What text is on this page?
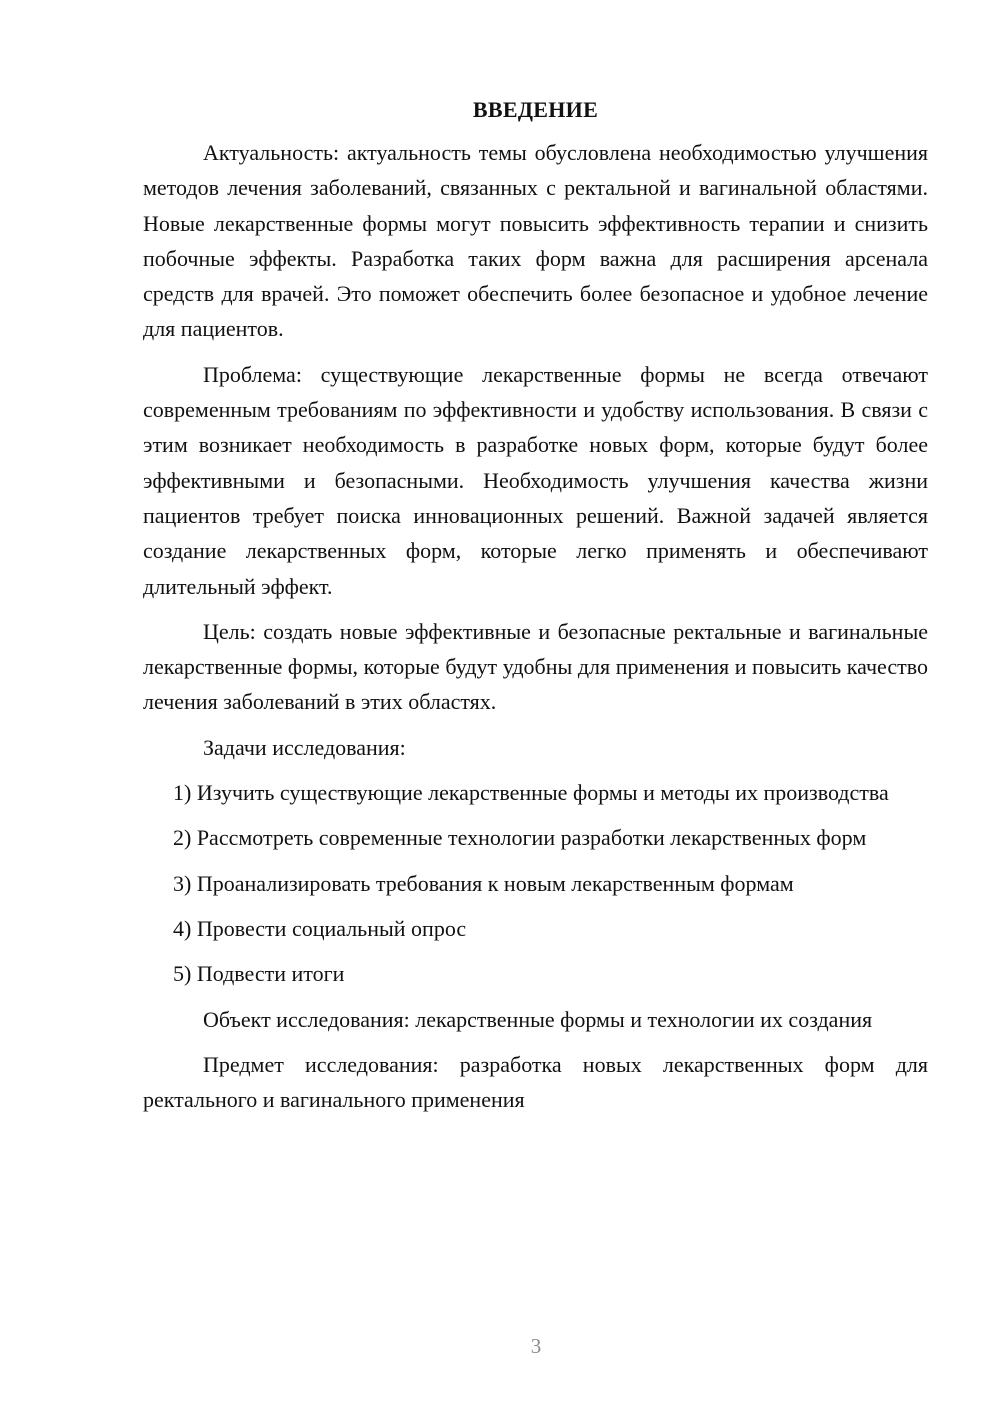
ВВЕДЕНИЕ

Актуальность: актуальность темы обусловлена необходимостью улучшения методов лечения заболеваний, связанных с ректальной и вагинальной областями. Новые лекарственные формы могут повысить эффективность терапии и снизить побочные эффекты. Разработка таких форм важна для расширения арсенала средств для врачей. Это поможет обеспечить более безопасное и удобное лечение для пациентов.

Проблема: существующие лекарственные формы не всегда отвечают современным требованиям по эффективности и удобству использования. В связи с этим возникает необходимость в разработке новых форм, которые будут более эффективными и безопасными. Необходимость улучшения качества жизни пациентов требует поиска инновационных решений. Важной задачей является создание лекарственных форм, которые легко применять и обеспечивают длительный эффект.

Цель: создать новые эффективные и безопасные ректальные и вагинальные лекарственные формы, которые будут удобны для применения и повысить качество лечения заболеваний в этих областях.

Задачи исследования:

1) Изучить существующие лекарственные формы и методы их производства

2) Рассмотреть современные технологии разработки лекарственных форм

3) Проанализировать требования к новым лекарственным формам

4) Провести социальный опрос

5) Подвести итоги

Объект исследования: лекарственные формы и технологии их создания

Предмет исследования: разработка новых лекарственных форм для ректального и вагинального применения

3
